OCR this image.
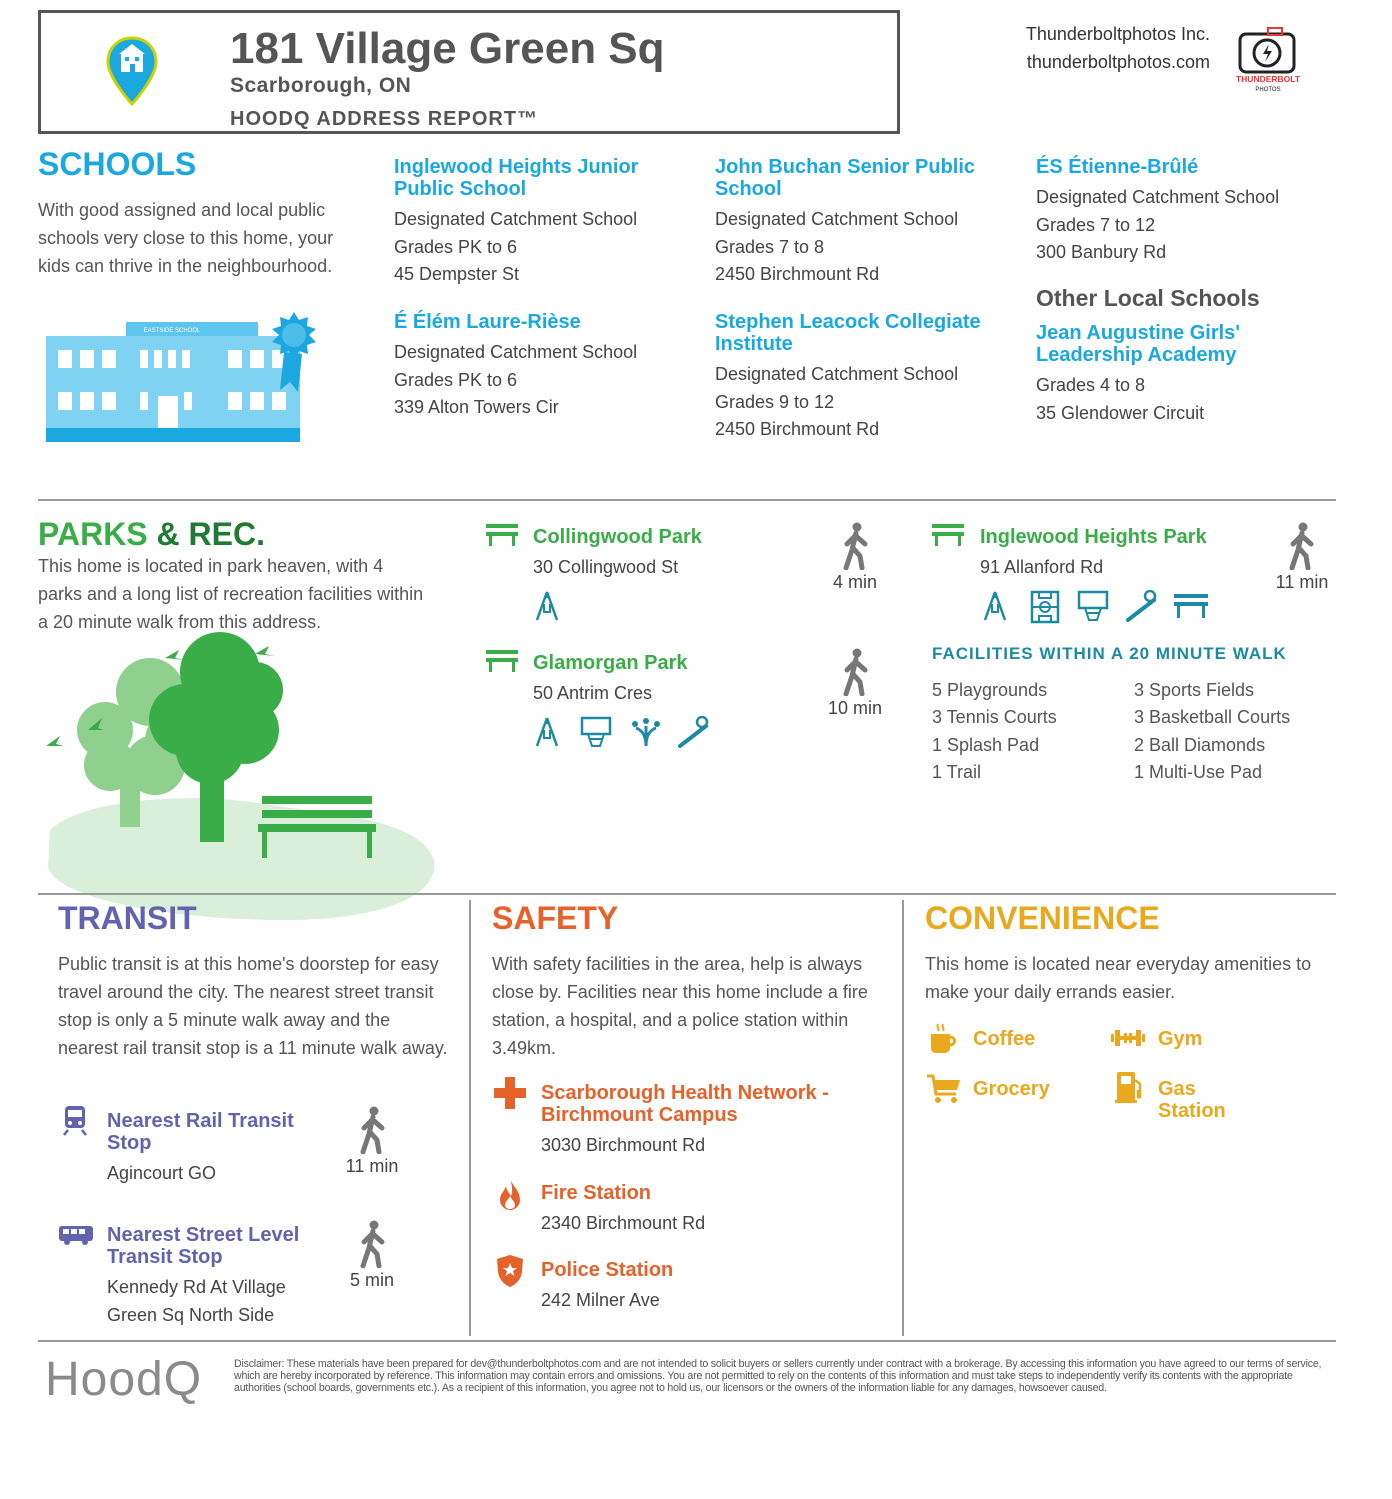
181 Village Green Sq
Scarborough, ON
HOODQ ADDRESS REPORT™
Thunderboltphotos Inc.
thunderboltphotos.com
THUNDERBOLT
PHOTOS
SCHOOLS
With good assigned and local public schools very close to this home, your kids can thrive in the neighbourhood.
EASTSIDE SCHOOL
Inglewood Heights Junior Public School
Designated Catchment School
Grades PK to 6
45 Dempster St
É Élém Laure-Rièse
Designated Catchment School
Grades PK to 6
339 Alton Towers Cir
John Buchan Senior Public School
Designated Catchment School
Grades 7 to 8
2450 Birchmount Rd
Stephen Leacock Collegiate Institute
Designated Catchment School
Grades 9 to 12
2450 Birchmount Rd
ÉS Étienne-Brûlé
Designated Catchment School
Grades 7 to 12
300 Banbury Rd
Other Local Schools
Jean Augustine Girls' Leadership Academy
Grades 4 to 8
35 Glendower Circuit
PARKS & REC.
This home is located in park heaven, with 4 parks and a long list of recreation facilities within a 20 minute walk from this address.
Collingwood Park
30 Collingwood St
4 min
Glamorgan Park
50 Antrim Cres
10 min
Inglewood Heights Park
91 Allanford Rd
11 min
FACILITIES WITHIN A 20 MINUTE WALK
5 Playgrounds	3 Sports Fields
3 Tennis Courts	3 Basketball Courts
1 Splash Pad	2 Ball Diamonds
1 Trail	1 Multi-Use Pad
TRANSIT
Public transit is at this home's doorstep for easy travel around the city. The nearest street transit stop is only a 5 minute walk away and the nearest rail transit stop is a 11 minute walk away.
Nearest Rail Transit Stop
Agincourt GO	11 min
Nearest Street Level Transit Stop
Kennedy Rd At Village Green Sq North Side
5 min
SAFETY
With safety facilities in the area, help is always close by. Facilities near this home include a fire station, a hospital, and a police station within 3.49km.
Scarborough Health Network - Birchmount Campus
3030 Birchmount Rd
Fire Station
2340 Birchmount Rd
Police Station
242 Milner Ave
CONVENIENCE
This home is located near everyday amenities to make your daily errands easier.
Coffee	Gym
Grocery	Gas Station
HoodQ	Disclaimer: These materials have been prepared for dev@thunderboltphotos.com and are not intended to solicit buyers or sellers currently under contract with a brokerage. By accessing this information you have agreed to our terms of service, which are hereby incorporated by reference. This information may contain errors and omissions. You are not permitted to rely on the contents of this information and must take steps to independently verify its contents with the appropriate authorities (school boards, governments etc.). As a recipient of this information, you agree not to hold us, our licensors or the owners of the information liable for any damages, howsoever caused.
